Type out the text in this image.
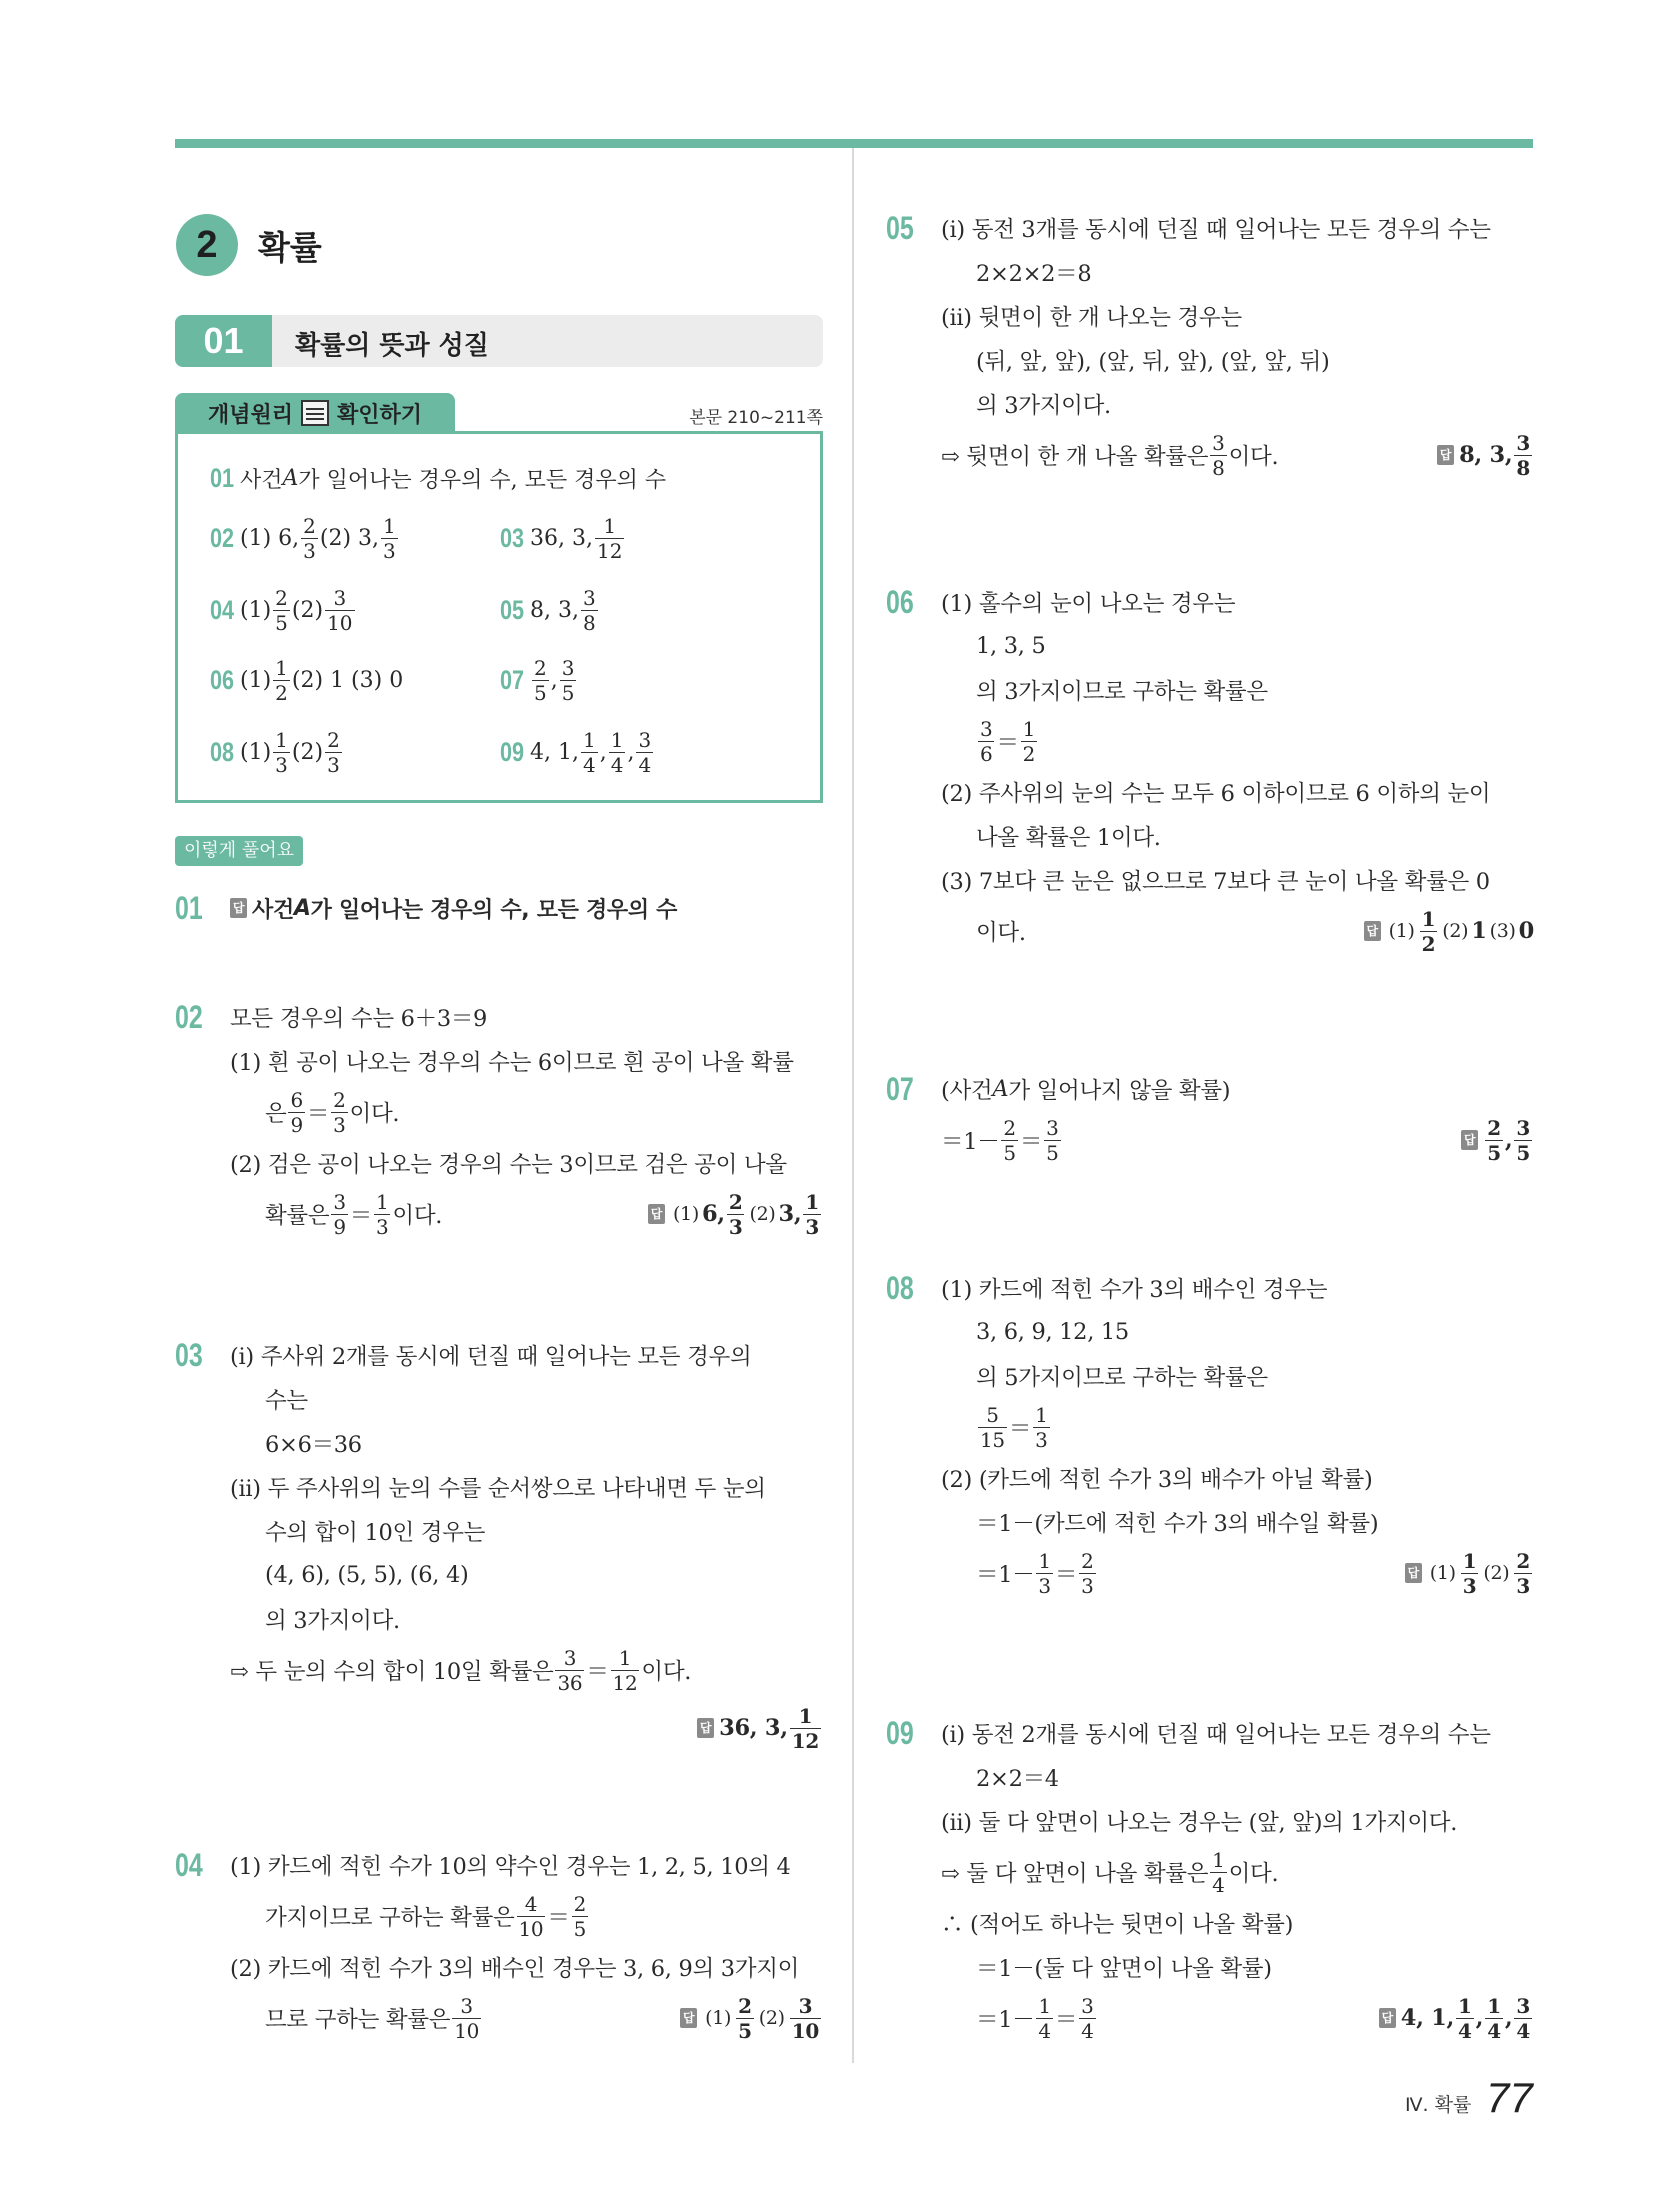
2	확률
01	확률의 뜻과 성질
개념원리 확인하기	본문 210~211쪽
이렇게 풀어요
01	답 사건 A 가 일어나는 경우의 수, 모든 경우의 수
02 모든 경우의 수는 6＋3＝9
(1) 흰 공이 나오는 경우의 수는 6이므로 흰 공이 나올 확률
은 $\frac{6}{9} = \frac{2}{3}$ 이다.
(2) 검은 공이 나오는 경우의 수는 3이므로 검은 공이 나올
확률은 $\frac{3}{9} = \frac{1}{3}$ 이다.	답 (1) 6, $\frac{2}{3} (2)$ 3, $\frac{1}{3}$
03 (i) 주사위 2개를 동시에 던질 때 일어나는 모든 경우의
수는
6×6＝36
(ii) 두 주사위의 눈의 수를 순서쌍으로 나타내면 두 눈의
수의 합이 10인 경우는
(4, 6), (5, 5), (6, 4)
의 3가지이다.
⇨ 두 눈의 수의 합이 10일 확률은 $\frac{3}{36} = \frac{1}{12}$ 이다.
답 36, 3, $\frac{1}{12}$
04 (1) 카드에 적힌 수가 10의 약수인 경우는 1, 2, 5, 10의 4
가지이므로 구하는 확률은 $\frac{4}{10} = \frac{2}{5}$
(2) 카드에 적힌 수가 3의 배수인 경우는 3, 6, 9의 3가지이
므로 구하는 확률은 $\frac{3}{10}$	답 $(1) \frac{2}{5} (2) \frac{3}{10}$
05 (i) 동전 3개를 동시에 던질 때 일어나는 모든 경우의 수는
2×2×2＝8
(ii) 뒷면이 한 개 나오는 경우는
(뒤, 앞, 앞), (앞, 뒤, 앞), (앞, 앞, 뒤)
의 3가지이다.
⇨ 뒷면이 한 개 나올 확률은 $\frac{3}{8}$ 이다.	답 8, 3, $\frac{3}{8}$
06 (1) 홀수의 눈이 나오는 경우는
1, 3, 5
의 3가지이므로 구하는 확률은
$\frac{3}{6} = \frac{1}{2}$
(2) 주사위의 눈의 수는 모두 6 이하이므로 6 이하의 눈이
나올 확률은 1이다.
(3) 7보다 큰 눈은 없으므로 7보다 큰 눈이 나올 확률은 0
이다.	답 $(1) \frac{1}{2} (2)$ 1 (3) 0
07 (사건 A 가 일어나지 않을 확률)
$=1- \frac{2}{5} = \frac{3}{5}$	답 $\frac{2}{5}$ , $\frac{3}{5}$
08 (1) 카드에 적힌 수가 3의 배수인 경우는
3, 6, 9, 12, 15
의 5가지이므로 구하는 확률은
$\frac{5}{15} = \frac{1}{3}$
(2) (카드에 적힌 수가 3의 배수가 아닐 확률)
＝1－(카드에 적힌 수가 3의 배수일 확률)
$=1- \frac{1}{3} = \frac{2}{3}$	답 $(1) \frac{1}{3} (2) \frac{2}{3}$
09 (i) 동전 2개를 동시에 던질 때 일어나는 모든 경우의 수는
2×2＝4
(ii) 둘 다 앞면이 나오는 경우는 (앞, 앞)의 1가지이다.
⇨ 둘 다 앞면이 나올 확률은 $\frac{1}{4}$ 이다.
∴ (적어도 하나는 뒷면이 나올 확률)
＝1－(둘 다 앞면이 나올 확률)
$=1- \frac{1}{4} = \frac{3}{4}$	답 4, 1, $\frac{1}{4}$ , $\frac{1}{4}$ , $\frac{3}{4}$
Ⅳ. 확률 77
01 사건 A 가 일어나는 경우의 수, 모든 경우의 수
02 (1) 6, $\frac{2}{3} (2)$ 3, $\frac{1}{3}$	03 36, 3, $\frac{1}{12}$
04 $(1) \frac{2}{5} (2) \frac{3}{10}$	05 8, 3, $\frac{3}{8}$
06 $(1) \frac{1}{2} (2)$ 1 (3) 0	$07 \frac{2}{5}$ , $\frac{3}{5}$
08 $(1) \frac{1}{3} (2) \frac{2}{3}$	09 4, 1, $\frac{1}{4}$ , $\frac{1}{4}$ , $\frac{3}{4}$
